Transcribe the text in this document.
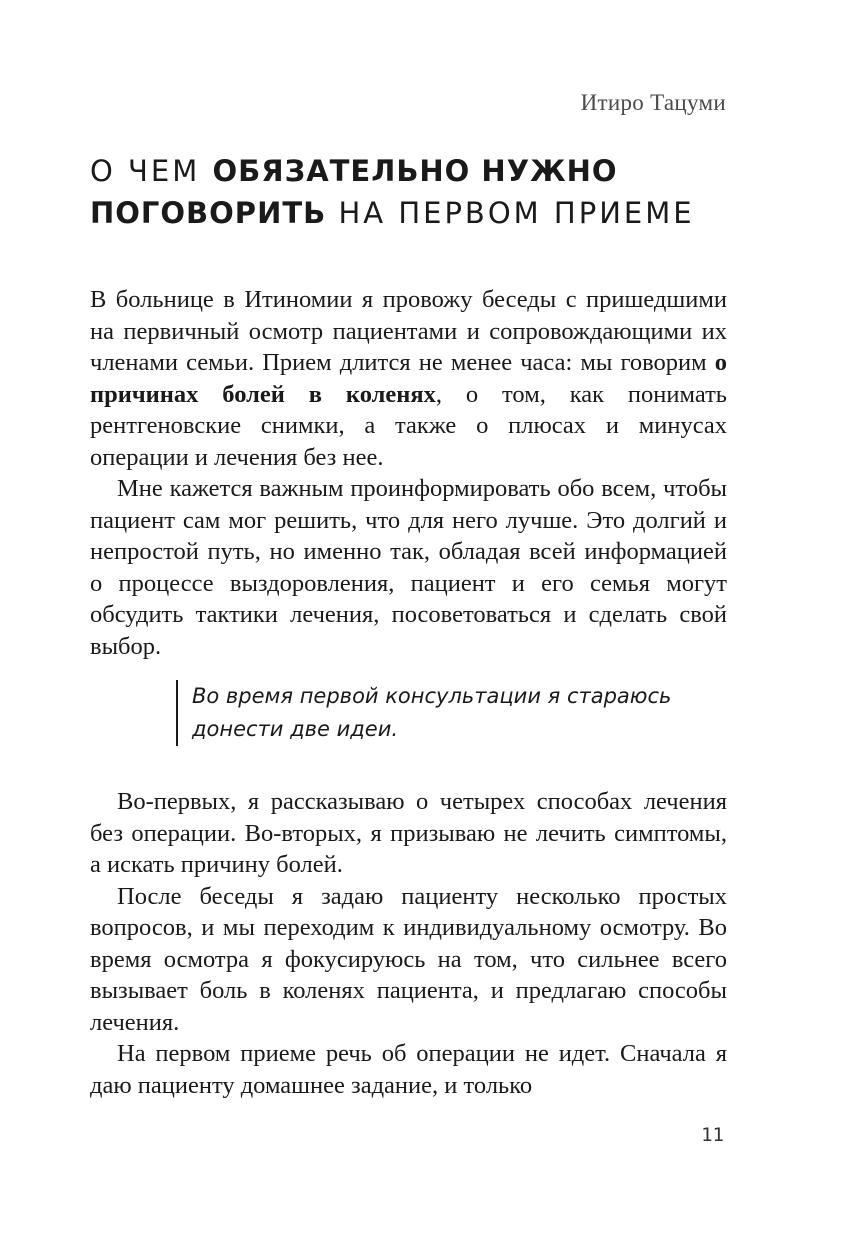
Итиро Тацуми
О ЧЕМ ОБЯЗАТЕЛЬНО НУЖНО
ПОГОВОРИТЬ НА ПЕРВОМ ПРИЕМЕ

В больнице в Итиномии я провожу беседы с пришедшими на первичный осмотр пациентами и сопровождающими их членами семьи. Прием длится не менее часа: мы говорим о причинах болей в коленях, о том, как понимать рентгеновские снимки, а также о плюсах и минусах операции и лечения без нее.

Мне кажется важным проинформировать обо всем, чтобы пациент сам мог решить, что для него лучше. Это долгий и непростой путь, но именно так, обладая всей информацией о процессе выздоровления, пациент и его семья могут обсудить тактики лечения, посоветоваться и сделать свой выбор.

Во время первой консультации я стараюсь донести две идеи.

Во-первых, я рассказываю о четырех способах лечения без операции. Во-вторых, я призываю не лечить симптомы, а искать причину болей.

После беседы я задаю пациенту несколько простых вопросов, и мы переходим к индивидуальному осмотру. Во время осмотра я фокусируюсь на том, что сильнее всего вызывает боль в коленях пациента, и предлагаю способы лечения.

На первом приеме речь об операции не идет. Сначала я даю пациенту домашнее задание, и только

11
